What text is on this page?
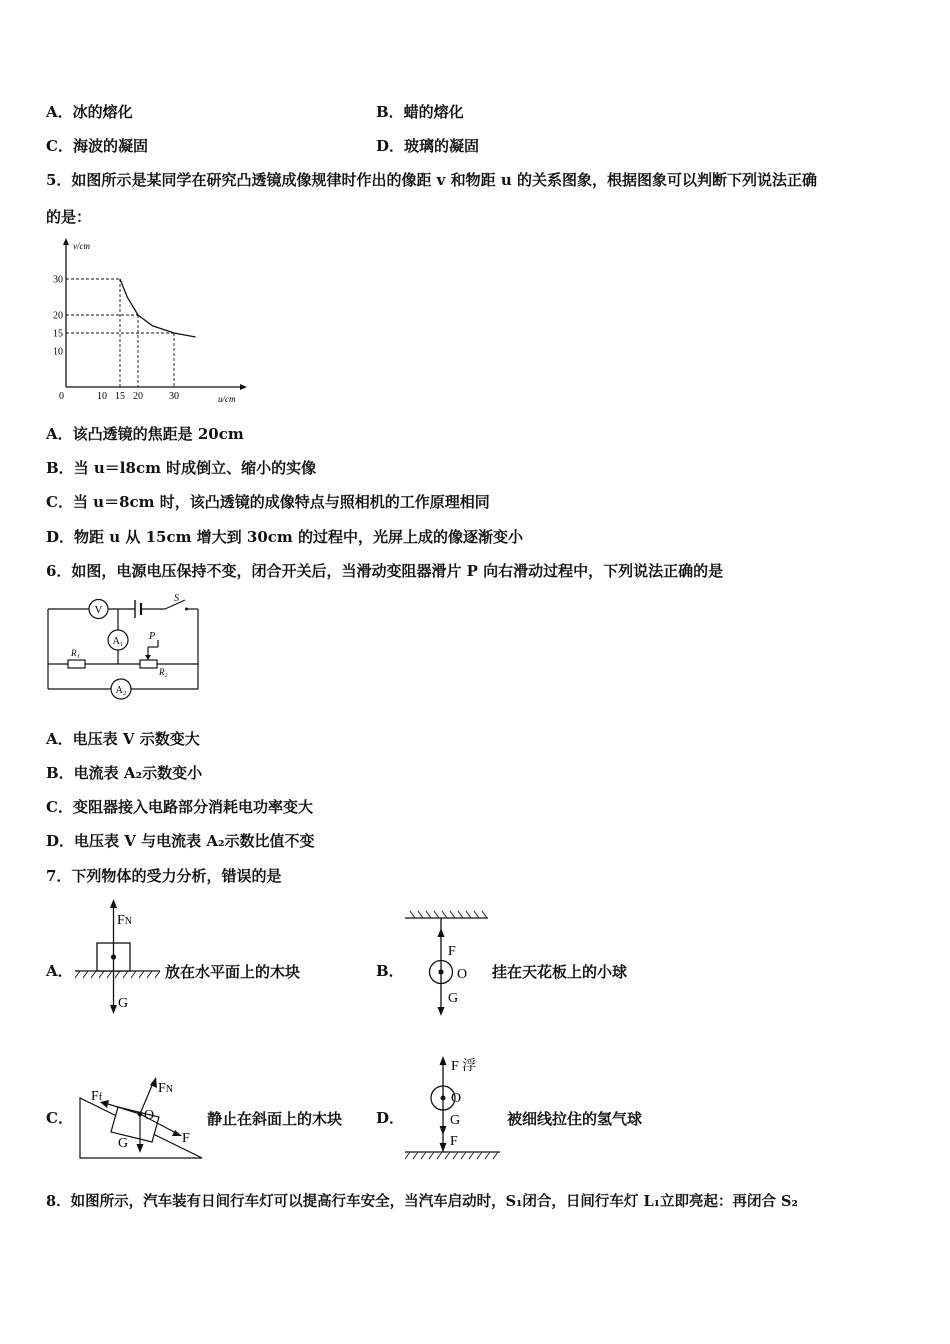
A．冰的熔化	B．蜡的熔化
C．海波的凝固	D．玻璃的凝固
5．如图所示是某同学在研究凸透镜成像规律时作出的像距 v 和物距 u 的关系图象，根据图象可以判断下列说法正确
的是：
10
15
20
30
10 15 20	30
0
v/cm
u/cm
A．该凸透镜的焦距是 20cm
B．当 u＝l8cm 时成倒立、缩小的实像
C．当 u＝8cm 时，该凸透镜的成像特点与照相机的工作原理相同
D．物距 u 从 15cm 增大到 30cm 的过程中，光屏上成的像逐渐变小
6．如图，电源电压保持不变，闭合开关后，当滑动变阻器滑片 P 向右滑动过程中，下列说法正确的是
V
A₁
A₂
S
P
R₁
R₂
A．电压表 V 示数变大
B．电流表 A₂示数变小
C．变阻器接入电路部分消耗电功率变大
D．电压表 V 与电流表 A₂示数比值不变
7．下列物体的受力分析，错误的是
A．
FN
G
放在水平面上的木块	B．
F
O
G
挂在天花板上的小球
C．
Ff
FN
O
G	F
静止在斜面上的木块 D．
F 浮
O
G
F
被细线拉住的氢气球
8．如图所示，汽车装有日间行车灯可以提高行车安全，当汽车启动时，S₁闭合，日间行车灯 L₁立即亮起：再闭合 S₂
